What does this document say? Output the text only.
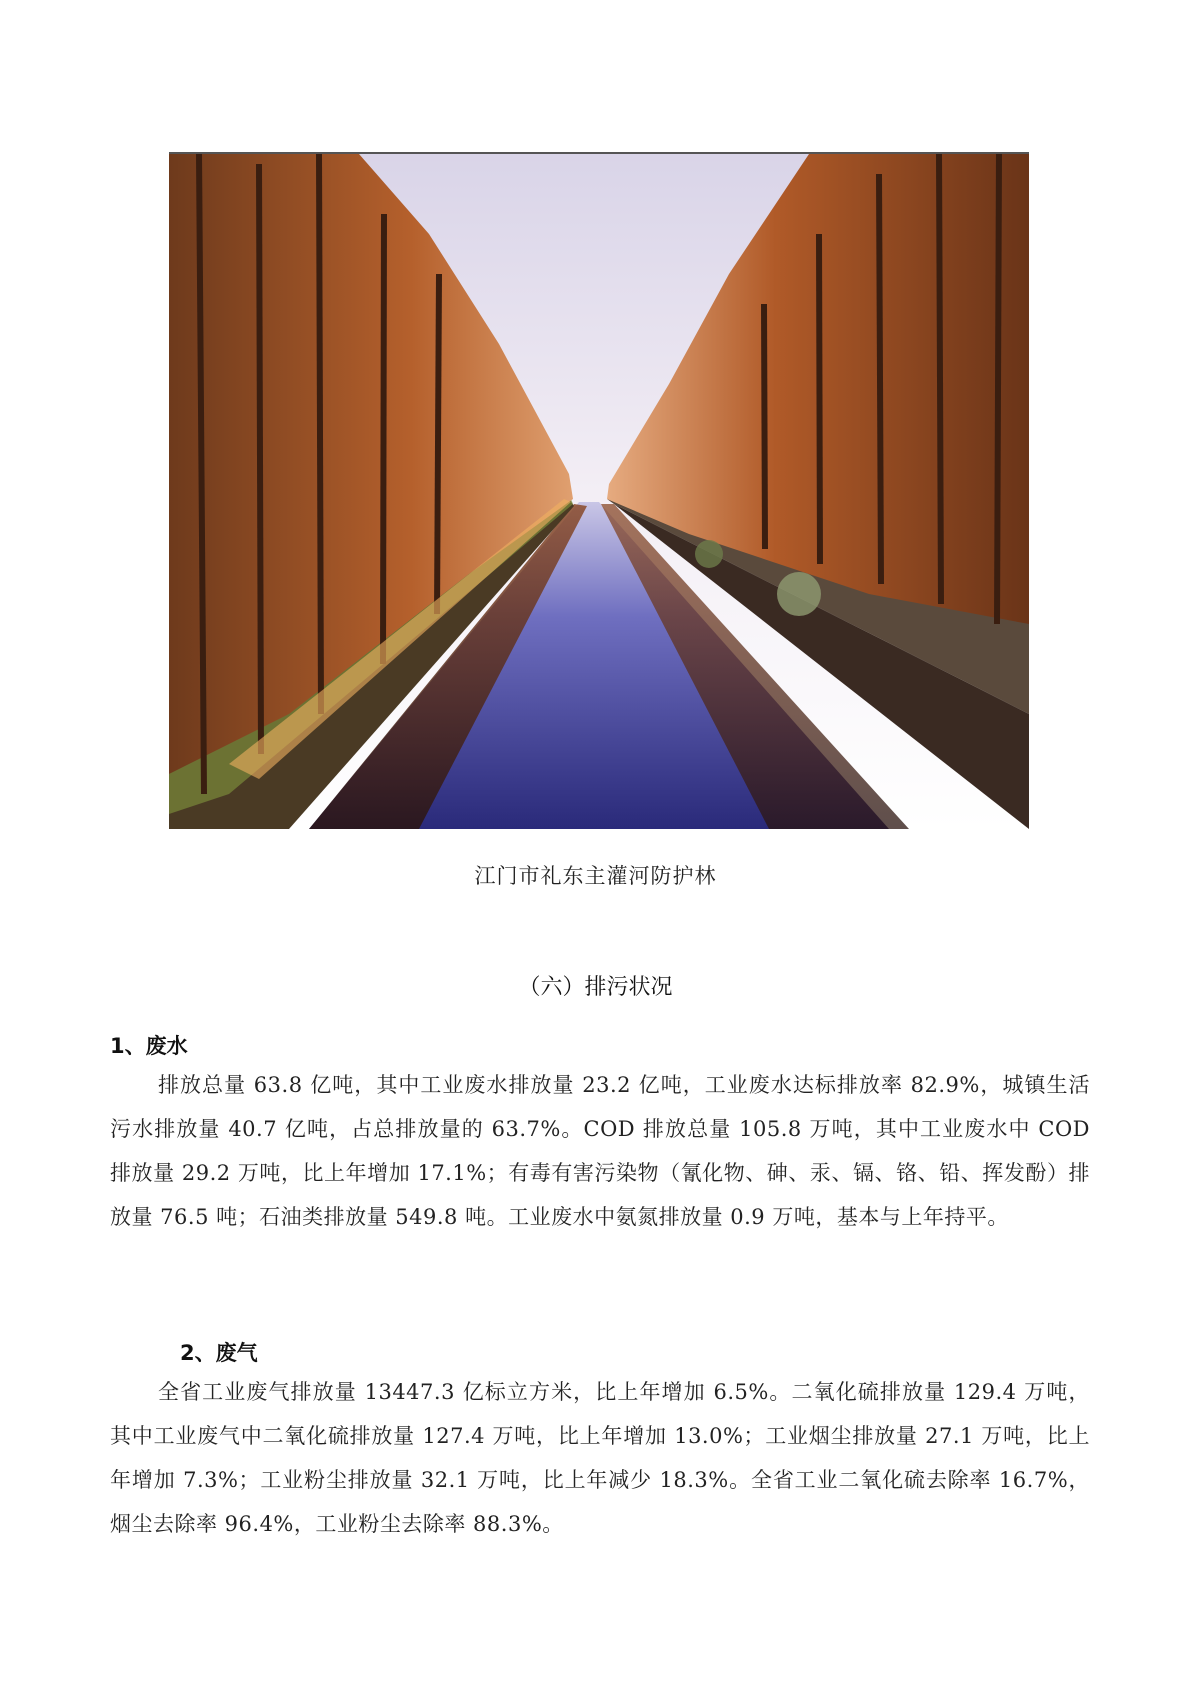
江门市礼东主灌河防护林
（六）排污状况
1、废水

排放总量 63.8 亿吨，其中工业废水排放量 23.2 亿吨，工业废水达标排放率 82.9%，城镇生活污水排放量 40.7 亿吨，占总排放量的 63.7%。COD 排放总量 105.8 万吨，其中工业废水中 COD 排放量 29.2 万吨，比上年增加 17.1%；有毒有害污染物（氰化物、砷、汞、镉、铬、铅、挥发酚）排放量 76.5 吨；石油类排放量 549.8 吨。工业废水中氨氮排放量 0.9 万吨，基本与上年持平。

2、废气

全省工业废气排放量 13447.3 亿标立方米，比上年增加 6.5%。二氧化硫排放量 129.4 万吨，其中工业废气中二氧化硫排放量 127.4 万吨，比上年增加 13.0%；工业烟尘排放量 27.1 万吨，比上年增加 7.3%；工业粉尘排放量 32.1 万吨，比上年减少 18.3%。全省工业二氧化硫去除率 16.7%，烟尘去除率 96.4%，工业粉尘去除率 88.3%。
